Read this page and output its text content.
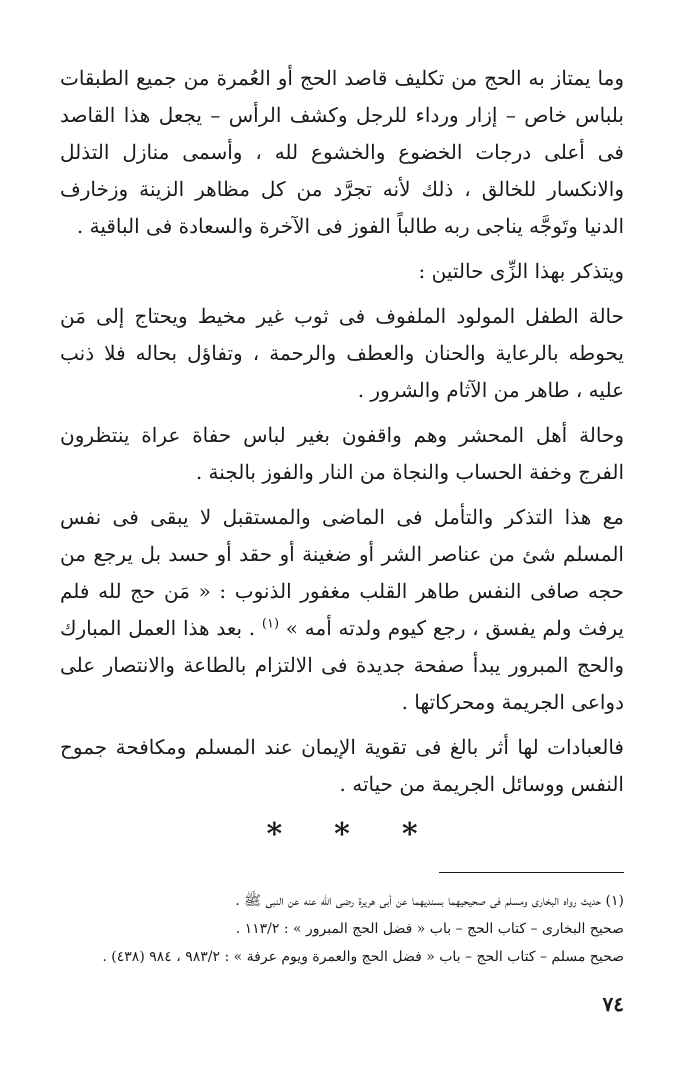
وما يمتاز به الحج من تكليف قاصد الحج أو العُمرة من جميع الطبقات بلباس خاص – إزار ورداء للرجل وكشف الرأس – يجعل هذا القاصد فى أعلى درجات الخضوع والخشوع لله ، وأسمى منازل التذلل والانكسار للخالق ، ذلك لأنه تجرَّد من كل مظاهر الزينة وزخارف الدنيا وتَوجَّه يناجى ربه طالباً الفوز فى الآخرة والسعادة فى الباقية .

ويتذكر بهذا الزِّى حالتين :

حالة الطفل المولود الملفوف فى ثوب غير مخيط ويحتاج إلى مَن يحوطه بالرعاية والحنان والعطف والرحمة ، وتفاؤل بحاله فلا ذنب عليه ، طاهر من الآثام والشرور .

وحالة أهل المحشر وهم واقفون بغير لباس حفاة عراة ينتظرون الفرج وخفة الحساب والنجاة من النار والفوز بالجنة .

مع هذا التذكر والتأمل فى الماضى والمستقبل لا يبقى فى نفس المسلم شئ من عناصر الشر أو ضغينة أو حقد أو حسد بل يرجع من حجه صافى النفس طاهر القلب مغفور الذنوب : « مَن حج لله فلم يرفث ولم يفسق ، رجع كيوم ولدته أمه » $^{(١)}$ . بعد هذا العمل المبارك والحج المبرور يبدأ صفحة جديدة فى الالتزام بالطاعة والانتصار على دواعى الجريمة ومحركاتها .

فالعبادات لها أثر بالغ فى تقوية الإيمان عند المسلم ومكافحة جموح النفس ووسائل الجريمة من حياته .

* * *

(١) حديث رواه البخارى ومسلم فى صحيحيهما بسنديهما عن أبى هريرة رضى الله عنه عن النبى ﷺ .

صحيح البخارى – كتاب الحج – باب « فضل الحج المبرور » : ١١٣/٢ .

صحيح مسلم – كتاب الحج – باب « فضل الحج والعمرة ويوم عرفة » : ٩٨٣/٢ ، ٩٨٤ (٤٣٨) .

٧٤
